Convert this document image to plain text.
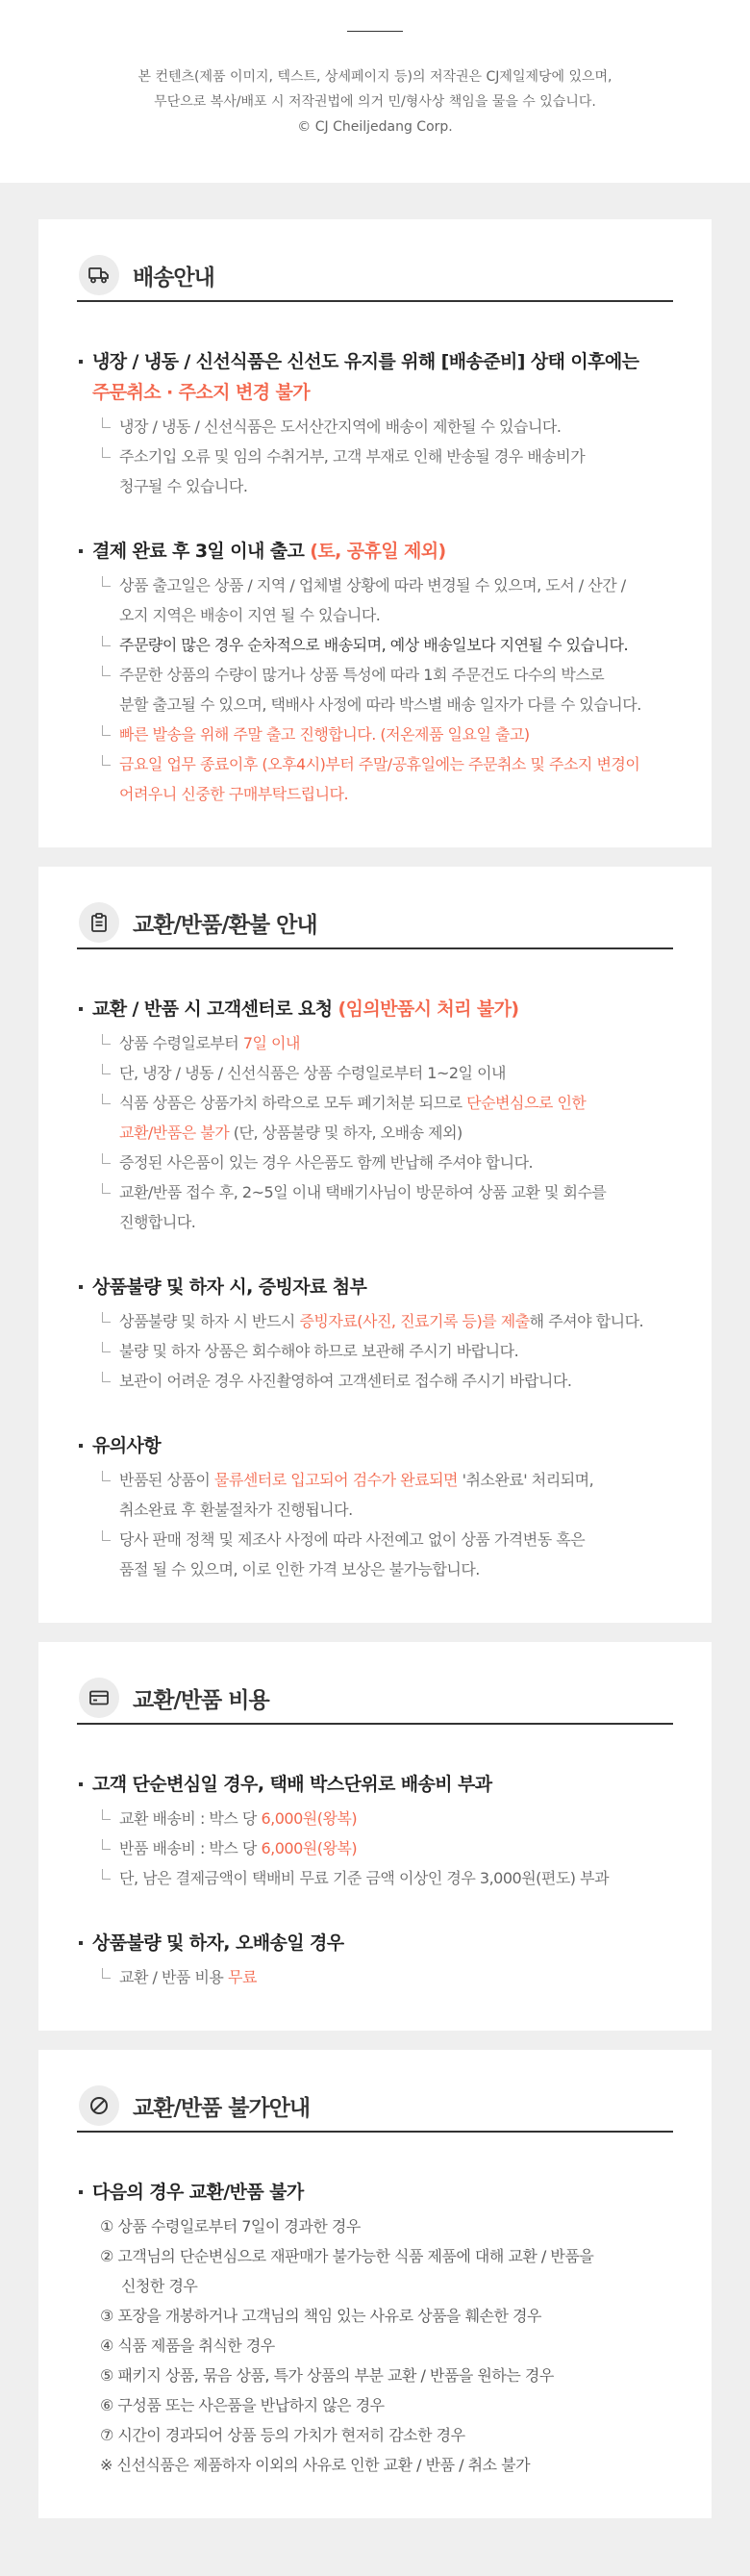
본 컨텐츠(제품 이미지, 텍스트, 상세페이지 등)의 저작권은 CJ제일제당에 있으며,

무단으로 복사/배포 시 저작권법에 의거 민/형사상 책임을 물을 수 있습니다.

© CJ Cheiljedang Corp.

배송안내
냉장 / 냉동 / 신선식품은 신선도 유지를 위해 [배송준비] 상태 이후에는
주문취소 · 주소지 변경 불가
냉장 / 냉동 / 신선식품은 도서산간지역에 배송이 제한될 수 있습니다.
주소기입 오류 및 임의 수취거부, 고객 부재로 인해 반송될 경우 배송비가
청구될 수 있습니다.
결제 완료 후 3일 이내 출고 (토, 공휴일 제외)
상품 출고일은 상품 / 지역 / 업체별 상황에 따라 변경될 수 있으며, 도서 / 산간 /
오지 지역은 배송이 지연 될 수 있습니다.
주문량이 많은 경우 순차적으로 배송되며, 예상 배송일보다 지연될 수 있습니다.
주문한 상품의 수량이 많거나 상품 특성에 따라 1회 주문건도 다수의 박스로
분할 출고될 수 있으며, 택배사 사정에 따라 박스별 배송 일자가 다를 수 있습니다.
빠른 발송을 위해 주말 출고 진행합니다. (저온제품 일요일 출고)
금요일 업무 종료이후 (오후4시)부터 주말/공휴일에는 주문취소 및 주소지 변경이
어려우니 신중한 구매부탁드립니다.
교환/반품/환불 안내
교환 / 반품 시 고객센터로 요청 (임의반품시 처리 불가)
상품 수령일로부터 7일 이내
단, 냉장 / 냉동 / 신선식품은 상품 수령일로부터 1~2일 이내
식품 상품은 상품가치 하락으로 모두 폐기처분 되므로 단순변심으로 인한
교환/반품은 불가 (단, 상품불량 및 하자, 오배송 제외)
증정된 사은품이 있는 경우 사은품도 함께 반납해 주셔야 합니다.
교환/반품 접수 후, 2~5일 이내 택배기사님이 방문하여 상품 교환 및 회수를
진행합니다.
상품불량 및 하자 시, 증빙자료 첨부
상품불량 및 하자 시 반드시 증빙자료(사진, 진료기록 등)를 제출해 주셔야 합니다.
불량 및 하자 상품은 회수해야 하므로 보관해 주시기 바랍니다.
보관이 어려운 경우 사진촬영하여 고객센터로 접수해 주시기 바랍니다.
유의사항
반품된 상품이 물류센터로 입고되어 검수가 완료되면 '취소완료' 처리되며,
취소완료 후 환불절차가 진행됩니다.
당사 판매 정책 및 제조사 사정에 따라 사전예고 없이 상품 가격변동 혹은
품절 될 수 있으며, 이로 인한 가격 보상은 불가능합니다.
교환/반품 비용
고객 단순변심일 경우, 택배 박스단위로 배송비 부과
교환 배송비 : 박스 당 6,000원(왕복)
반품 배송비 : 박스 당 6,000원(왕복)
단, 남은 결제금액이 택배비 무료 기준 금액 이상인 경우 3,000원(편도) 부과
상품불량 및 하자, 오배송일 경우
교환 / 반품 비용 무료
교환/반품 불가안내
다음의 경우 교환/반품 불가
① 상품 수령일로부터 7일이 경과한 경우
② 고객님의 단순변심으로 재판매가 불가능한 식품 제품에 대해 교환 / 반품을
신청한 경우
③ 포장을 개봉하거나 고객님의 책임 있는 사유로 상품을 훼손한 경우
④ 식품 제품을 취식한 경우
⑤ 패키지 상품, 묶음 상품, 특가 상품의 부분 교환 / 반품을 원하는 경우
⑥ 구성품 또는 사은품을 반납하지 않은 경우
⑦ 시간이 경과되어 상품 등의 가치가 현저히 감소한 경우
※ 신선식품은 제품하자 이외의 사유로 인한 교환 / 반품 / 취소 불가
